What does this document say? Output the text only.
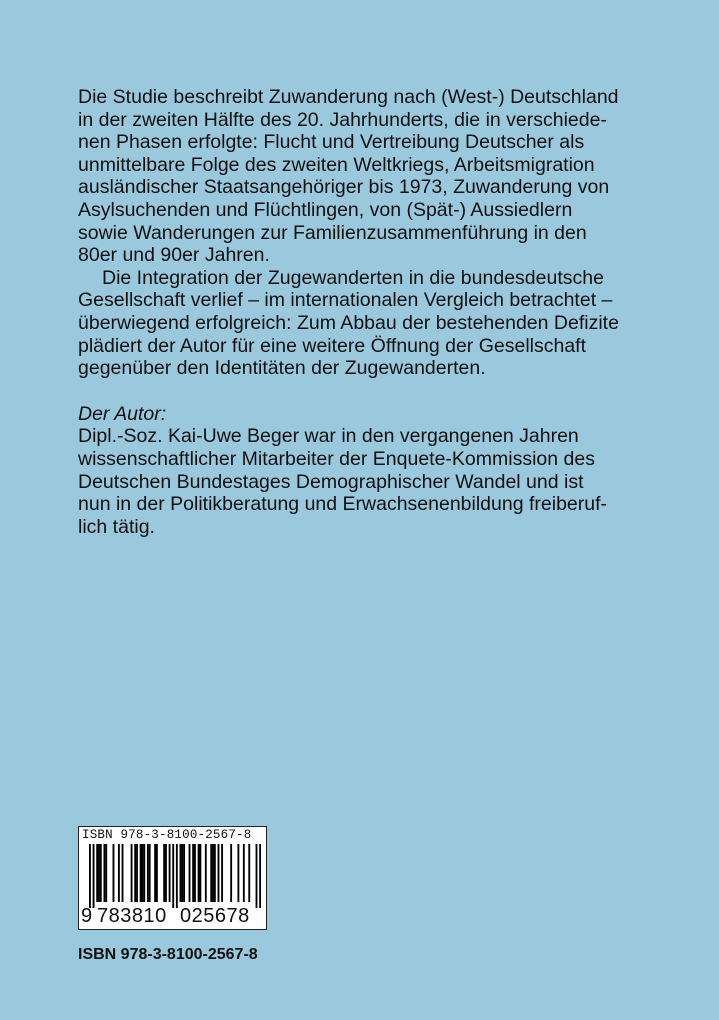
Die Studie beschreibt Zuwanderung nach (West-) Deutschland
in der zweiten Hälfte des 20. Jahrhunderts, die in verschiede-
nen Phasen erfolgte: Flucht und Vertreibung Deutscher als
unmittelbare Folge des zweiten Weltkriegs, Arbeitsmigration
ausländischer Staatsangehöriger bis 1973, Zuwanderung von
Asylsuchenden und Flüchtlingen, von (Spät-) Aussiedlern
sowie Wanderungen zur Familienzusammenführung in den
80er und 90er Jahren.

Die Integration der Zugewanderten in die bundesdeutsche
Gesellschaft verlief – im internationalen Vergleich betrachtet –
überwiegend erfolgreich: Zum Abbau der bestehenden Defizite
plädiert der Autor für eine weitere Öffnung der Gesellschaft
gegenüber den Identitäten der Zugewanderten.

Der Autor:

Dipl.-Soz. Kai-Uwe Beger war in den vergangenen Jahren
wissenschaftlicher Mitarbeiter der Enquete-Kommission des
Deutschen Bundestages Demographischer Wandel und ist
nun in der Politikberatung und Erwachsenenbildung freiberuf-
lich tätig.

ISBN 978-3-8100-2567-8
9 783810 025678
ISBN 978-3-8100-2567-8
